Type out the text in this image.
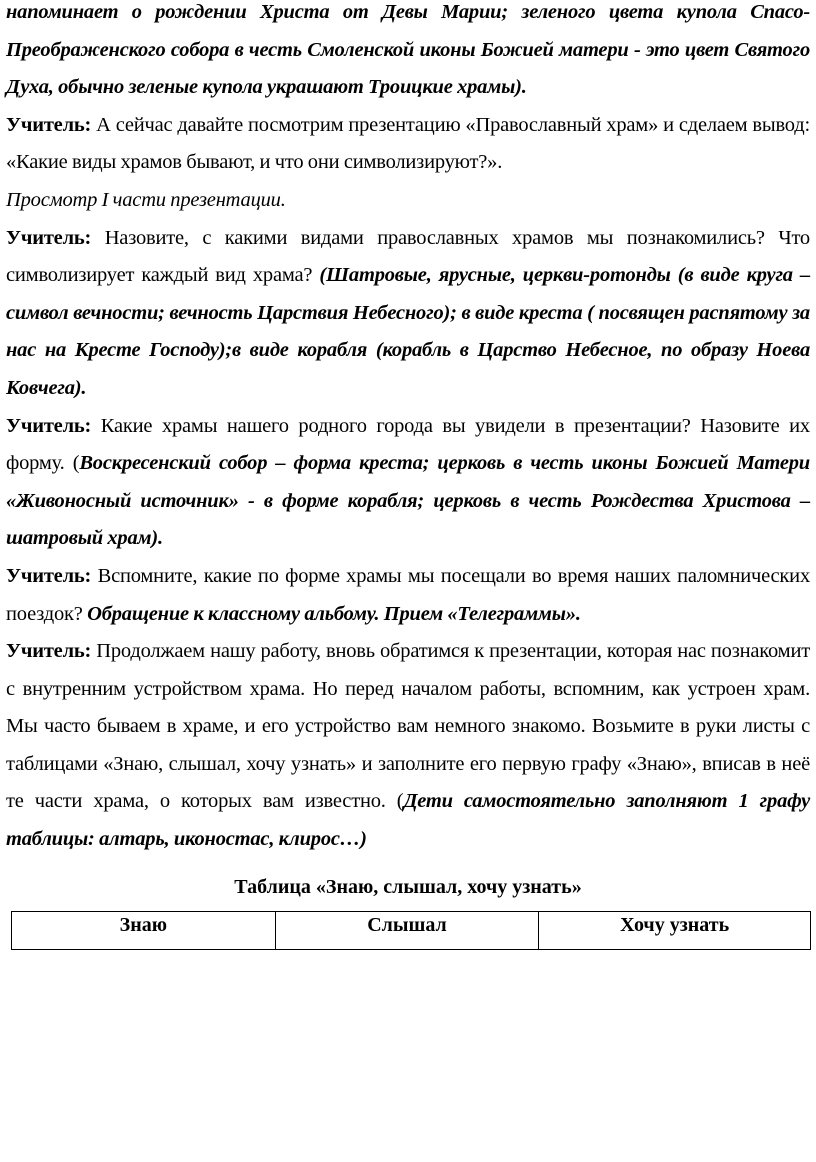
напоминает о рождении Христа от Девы Марии; зеленого цвета купола Спасо-Преображенского собора в честь Смоленской иконы Божией матери - это цвет Святого Духа, обычно зеленые купола украшают Троицкие храмы).

Учитель: А сейчас давайте посмотрим презентацию «Православный храм» и сделаем вывод: «Какие виды храмов бывают, и что они символизируют?».

Просмотр I части презентации.

Учитель: Назовите, с какими видами православных храмов мы познакомились? Что символизирует каждый вид храма? (Шатровые, ярусные, церкви-ротонды (в виде круга – символ вечности; вечность Царствия Небесного); в виде креста ( посвящен распятому за нас на Кресте Господу);в виде корабля (корабль в Царство Небесное, по образу Ноева Ковчега).

Учитель: Какие храмы нашего родного города вы увидели в презентации? Назовите их форму. (Воскресенский собор – форма креста; церковь в честь иконы Божией Матери «Живоносный источник» - в форме корабля; церковь в честь Рождества Христова – шатровый храм).

Учитель: Вспомните, какие по форме храмы мы посещали во время наших паломнических поездок? Обращение к классному альбому. Прием «Телеграммы».

Учитель: Продолжаем нашу работу, вновь обратимся к презентации, которая нас познакомит с внутренним устройством храма. Но перед началом работы, вспомним, как устроен храм. Мы часто бываем в храме, и его устройство вам немного знакомо. Возьмите в руки листы с таблицами «Знаю, слышал, хочу узнать» и заполните его первую графу «Знаю», вписав в неё те части храма, о которых вам известно. (Дети самостоятельно заполняют 1 графу таблицы: алтарь, иконостас, клирос…)

Таблица «Знаю, слышал, хочу узнать»
Знаю	Слышал	Хочу узнать
